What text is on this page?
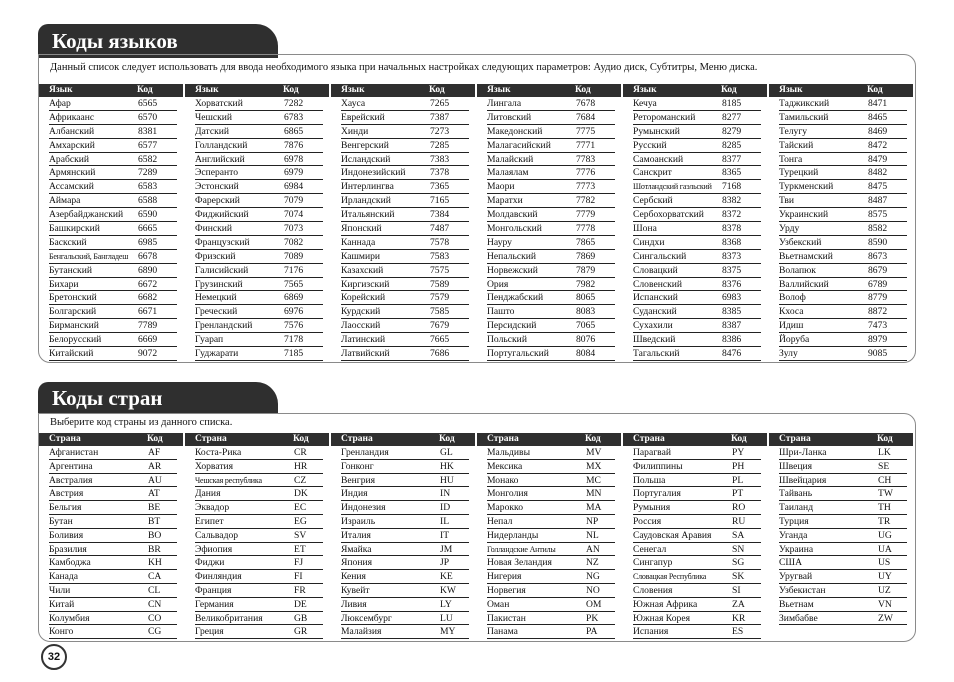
Коды языков
Данный список следует использовать для ввода необходимого языка при начальных настройках следующих параметров: Аудио диск, Субтитры, Меню диска.
Язык	Код
Афар	6565
Африкаанс	6570
Албанский	8381
Амхарский	6577
Арабский	6582
Армянский	7289
Ассамский	6583
Аймара	6588
Азербайджанский	6590
Башкирский	6665
Баскский	6985
Бенгальский, Бангладеш	6678
Бутанский	6890
Бихари	6672
Бретонский	6682
Болгарский	6671
Бирманский	7789
Белорусский	6669
Китайский	9072
Язык	Код
Хорватский	7282
Чешский	6783
Датский	6865
Голландский	7876
Английский	6978
Эсперанто	6979
Эстонский	6984
Фарерский	7079
Фиджийский	7074
Финский	7073
Французский	7082
Фризский	7089
Галисийский	7176
Грузинский	7565
Немецкий	6869
Греческий	6976
Гренландский	7576
Гуарап	7178
Гуджарати	7185
Язык	Код
Хауса	7265
Еврейский	7387
Хинди	7273
Венгерский	7285
Исландский	7383
Индонезийский	7378
Интерлингва	7365
Ирландский	7165
Итальянский	7384
Японский	7487
Каннада	7578
Кашмири	7583
Казахский	7575
Киргизский	7589
Корейский	7579
Курдский	7585
Лаосский	7679
Латинский	7665
Латвийский	7686
Язык	Код
Лингала	7678
Литовский	7684
Македонский	7775
Малагасийский	7771
Малайский	7783
Малаялам	7776
Маори	7773
Маратхи	7782
Молдавский	7779
Монгольский	7778
Науру	7865
Непальский	7869
Норвежский	7879
Ория	7982
Пенджабский	8065
Пашто	8083
Персидский	7065
Польский	8076
Португальский	8084
Язык	Код
Кечуа	8185
Ретороманский	8277
Румынский	8279
Русский	8285
Самоанский	8377
Санскрит	8365
Шотландский гаэльский	7168
Сербский	8382
Сербохорватский	8372
Шона	8378
Синдхи	8368
Сингальский	8373
Словацкий	8375
Словенский	8376
Испанский	6983
Суданский	8385
Сухахили	8387
Шведский	8386
Тагальский	8476
Язык	Код
Таджикский	8471
Тамильский	8465
Телугу	8469
Тайский	8472
Тонга	8479
Турецкий	8482
Туркменский	8475
Тви	8487
Украинский	8575
Урду	8582
Узбекский	8590
Вьетнамский	8673
Волапюк	8679
Валлийский	6789
Волоф	8779
Кхоса	8872
Идиш	7473
Йоруба	8979
Зулу	9085
Коды стран
Выберите код страны из данного списка.
Страна	Код
Афганистан	AF
Аргентина	AR
Австралия	AU
Австрия	AT
Бельгия	BE
Бутан	BT
Боливия	BO
Бразилия	BR
Камбоджа	KH
Канада	CA
Чили	CL
Китай	CN
Колумбия	CO
Конго	CG
Страна	Код
Коста-Рика	CR
Хорватия	HR
Чешская республика	CZ
Дания	DK
Эквадор	EC
Египет	EG
Сальвадор	SV
Эфиопия	ET
Фиджи	FJ
Финляндия	FI
Франция	FR
Германия	DE
Великобритания	GB
Греция	GR
Страна	Код
Гренландия	GL
Гонконг	HK
Венгрия	HU
Индия	IN
Индонезия	ID
Израиль	IL
Италия	IT
Ямайка	JM
Япония	JP
Кения	KE
Кувейт	KW
Ливия	LY
Люксембург	LU
Малайзия	MY
Страна	Код
Мальдивы	MV
Мексика	MX
Монако	MC
Монголия	MN
Марокко	MA
Непал	NP
Нидерланды	NL
Голландские Антилы	AN
Новая Зеландия	NZ
Нигерия	NG
Норвегия	NO
Оман	OM
Пакистан	PK
Панама	PA
Страна	Код
Парагвай	PY
Филиппины	PH
Польша	PL
Португалия	PT
Румыния	RO
Россия	RU
Саудовская Аравия	SA
Сенегал	SN
Сингапур	SG
Словацкая Республика	SK
Словения	SI
Южная Африка	ZA
Южная Корея	KR
Испания	ES
Страна	Код
Шри-Ланка	LK
Швеция	SE
Швейцария	CH
Тайвань	TW
Таиланд	TH
Турция	TR
Уганда	UG
Украина	UA
США	US
Уругвай	UY
Узбекистан	UZ
Вьетнам	VN
Зимбабве	ZW
32
